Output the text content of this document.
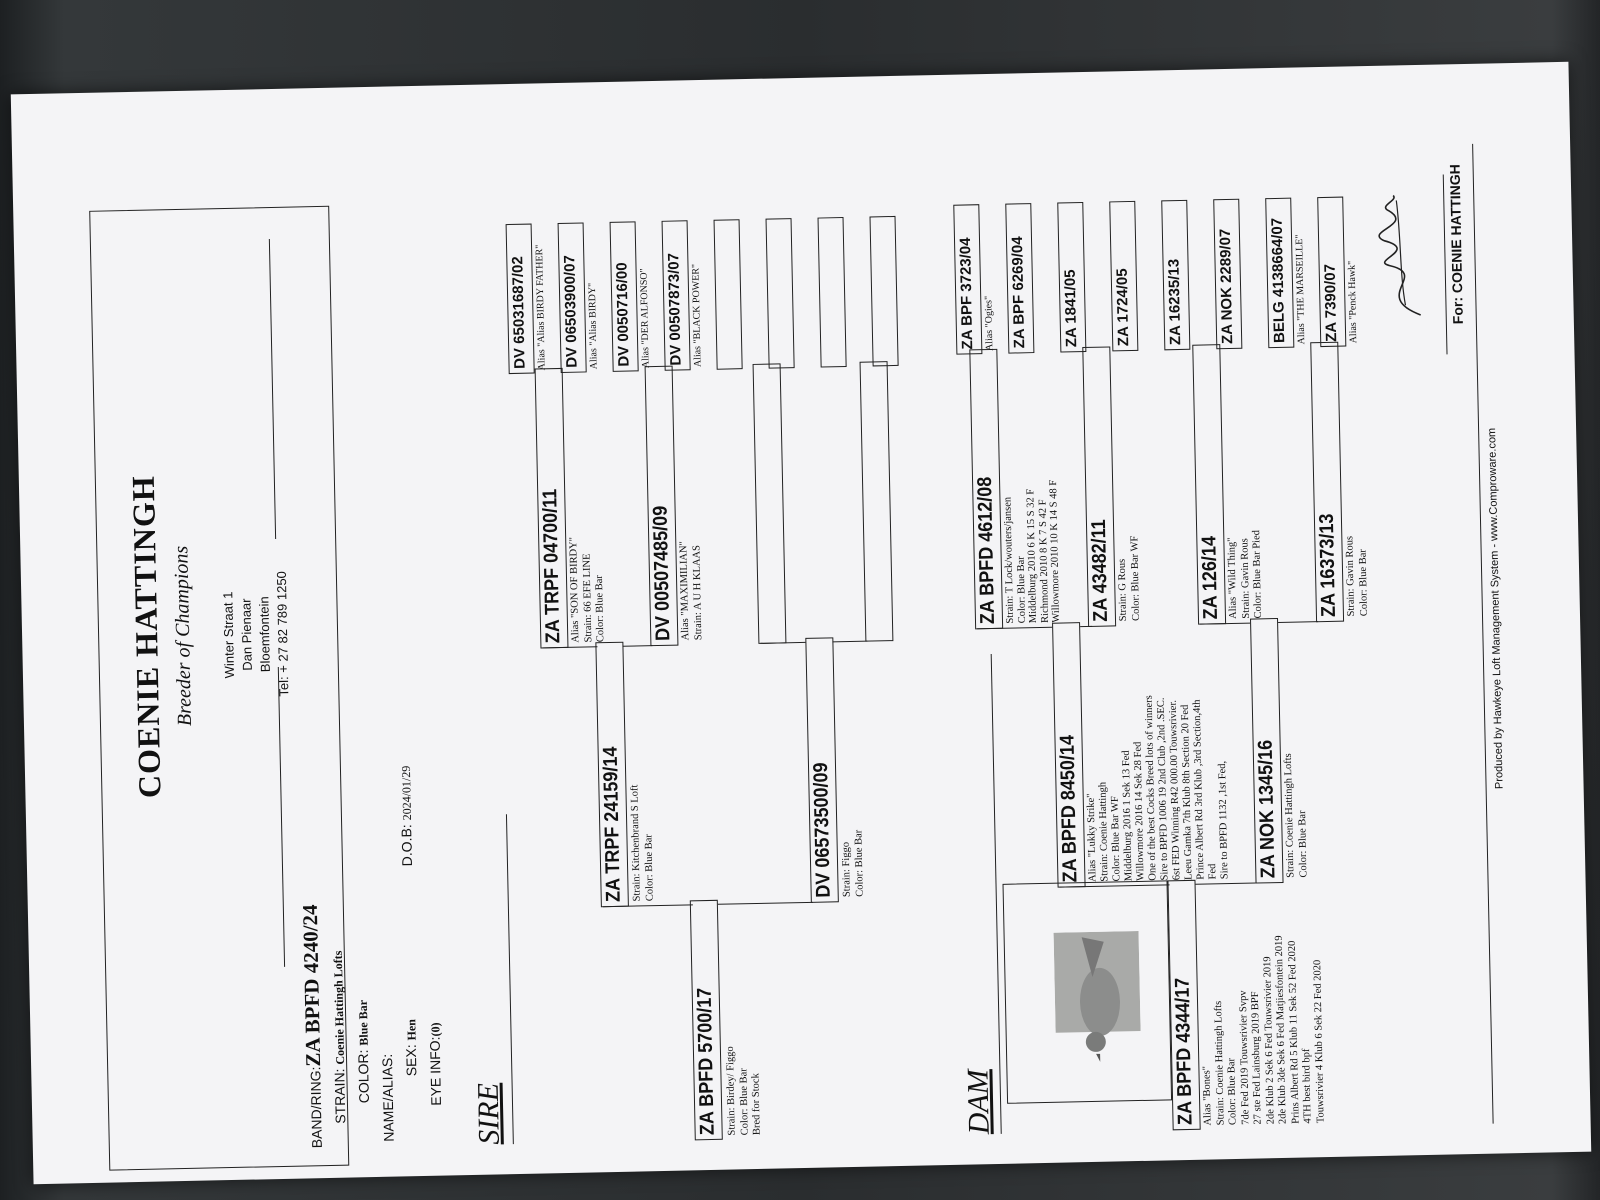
COENIE HATTINGH Breeder of Champions	Winter Straat 1 Dan Pienaar Bloemfontein Tel: + 27 82 789 1250
BAND/RING:ZA BPFD 4240/24
STRAIN: Coenie Hattingh Lofts
COLOR: Blue Bar
NAME/ALIAS: SEX: Hen
D.O.B: 2024/01/29
EYE INFO:(0)
SIRE	DAM
ZA BPFD 5700/17 Strain: Birdey/ Figgo Color: Blue Bar Bred for Stock
ZA TRPF 24159/14 Strain: Kitchenbrand S Loft Color: Blue Bar	DV 06573500/09 Strain: Figgo Color: Blue Bar
ZA TRPF 04700/11 Alias "SON OF BIRDY" Strain: 66 EFE LINE Color: Blue Bar DV 00507485/09 Alias "MAXIMILIAN" Strain: A U H KLAAS
DV 65031687/02 Alias "Alias BIRDY FATHER" DV 06503900/07 Alias "Alias BIRDY" DV 0050716/00 Alias "DER ALFONSO" DV 00507873/07 Alias "BLACK POWER"
ZA BPFD 4344/17 Alias "Bones"
Strain: Coenie Hattingh Lofts Color: Blue Bar
7de Fed 2019 Touwsrivier Svpv
27 ste Fed Lainsburg 2019 BPF
2de Klub 2 Sek 6 Fed Touwsrivier 2019
2de Klub 3de Sek 6 Fed Matjiesfontein 2019
Prins Albert Rd 5 Klub 11 Sek 52 Fed 2020 4TH best bird bpf
Touwsrivier 4 Klub 6 Sek 22 Fed 2020
ZA BPFD 8450/14 Alias "Lukky Strike"
Strain: Coenie Hattingh Color: Blue Bar WF
Middelburg 2016 1 Sek 13 Fed
Willowmore 2016 14 Sek 28 Fed
One of the best Cocks Breed lots of winners
Sire to BPFD 1006 19 2nd Club ,2nd .SEC.
6st FED Winning R42 000.00 Touwsrivier.
Leeu Gamka 7th Klub 8th Section 20 Fed
Prince Albert Rd 3rd Klub ,3rd Section,4th Fed
Sire to BPFD 1132 ,1st Fed, ZA NOK 1345/16 Strain: Coenie Hattingh Lofts Color: Blue Bar
ZA BPFD 4612/08 Strain: T Lock/wouters/jansen Color: Blue Bar
Middelburg 2010 6 K 15 S 32 F
Richmond 2010 8 K 7 S 42 F
Willowmore 2010 10 K 14 S 48 F ZA 43482/11 Strain: G Rous Color: Blue Bar WF	ZA 126/14 Alias "Wild Thing" Strain: Gavin Rous Color: Blue Bar Pied	ZA 16373/13 Strain: Gavin Rous Color: Blue Bar
ZA BPF 3723/04 Alias "Ogies" ZA BPF 6269/04 ZA 1841/05 ZA 1724/05 ZA 16235/13 ZA NOK 2289/07 BELG 4138664/07 Alias "THE MARSEILLE" ZA 7390/07 Alias "Penck Hawk"	For: COENIE HATTINGH
Produced by Hawkeye Loft Management System - www.Comproware.com
